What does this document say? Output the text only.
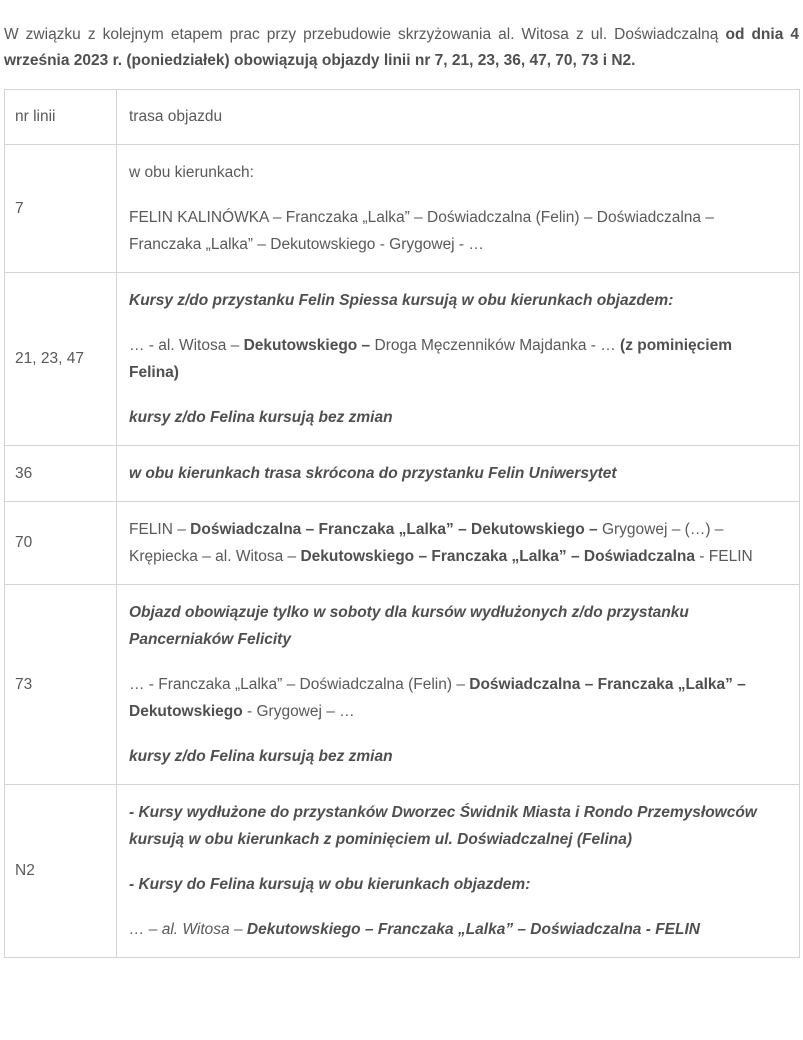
W związku z kolejnym etapem prac przy przebudowie skrzyżowania al. Witosa z ul. Doświadczalną od dnia 4 września 2023 r. (poniedziałek) obowiązują objazdy linii nr 7, 21, 23, 36, 47, 70, 73 i N2.

nr linii	trasa objazdu
7	w obu kierunkach:

FELIN KALINÓWKA – Franczaka „Lalka” – Doświadczalna (Felin) – Doświadczalna – Franczaka „Lalka” – Dekutowskiego - Grygowej - …

21, 23, 47	Kursy z/do przystanku Felin Spiessa kursują w obu kierunkach objazdem:

… - al. Witosa – Dekutowskiego – Droga Męczenników Majdanka - … (z pominięciem Felina)

kursy z/do Felina kursują bez zmian

36	w obu kierunkach trasa skrócona do przystanku Felin Uniwersytet

70	FELIN – Doświadczalna – Franczaka „Lalka” – Dekutowskiego – Grygowej – (…) – Krępiecka – al. Witosa – Dekutowskiego – Franczaka „Lalka” – Doświadczalna - FELIN

73	Objazd obowiązuje tylko w soboty dla kursów wydłużonych z/do przystanku Pancerniaków Felicity

… - Franczaka „Lalka” – Doświadczalna (Felin) – Doświadczalna – Franczaka „Lalka” – Dekutowskiego - Grygowej – …

kursy z/do Felina kursują bez zmian

N2	- Kursy wydłużone do przystanków Dworzec Świdnik Miasta i Rondo Przemysłowców kursują w obu kierunkach z pominięciem ul. Doświadczalnej (Felina)

- Kursy do Felina kursują w obu kierunkach objazdem:

… – al. Witosa – Dekutowskiego – Franczaka „Lalka” – Doświadczalna - FELIN
